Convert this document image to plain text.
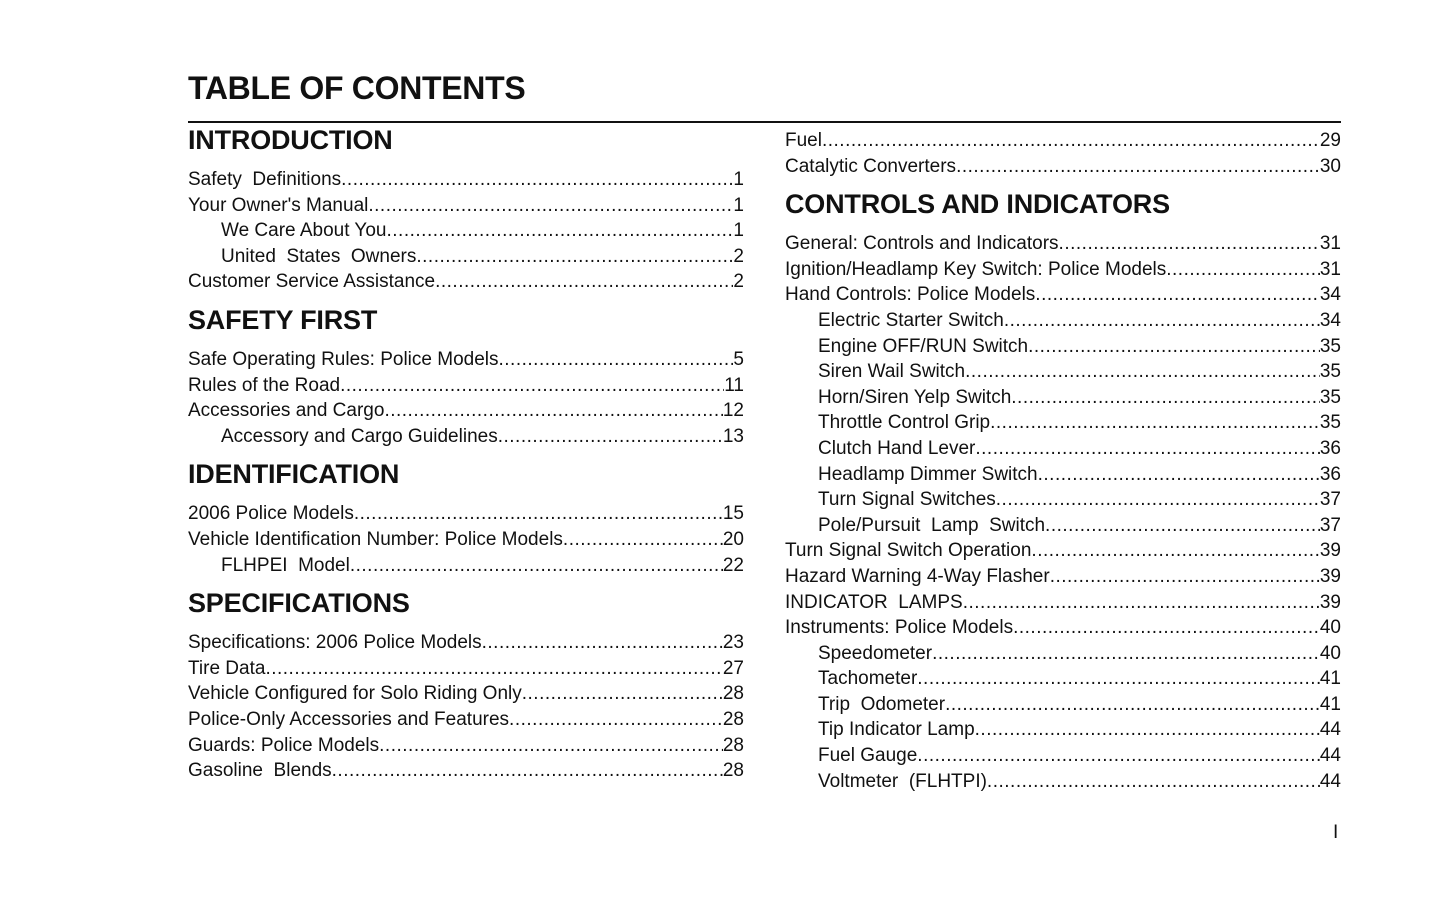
TABLE OF CONTENTS
INTRODUCTION
Safety  Definitions .....	1
Your Owner's Manual .....	1
We Care About You .....	1
United  States  Owners .....	2
Customer Service Assistance .....	2
SAFETY FIRST
Safe Operating Rules: Police Models .....	5
Rules of the Road .....	11
Accessories and Cargo .....	12
Accessory and Cargo Guidelines .....	13
IDENTIFICATION
2006 Police Models .....	15
Vehicle Identification Number: Police Models .....	20
FLHPEI  Model .....	22
SPECIFICATIONS
Specifications: 2006 Police Models .....	23
Tire Data .....	27
Vehicle Configured for Solo Riding Only .....	28
Police-Only Accessories and Features .....	28
Guards: Police Models .....	28
Gasoline  Blends .....	28
Fuel .....	29
Catalytic Converters .....	30
CONTROLS AND INDICATORS
General: Controls and Indicators .....	31
Ignition/Headlamp Key Switch: Police Models .....	31
Hand Controls: Police Models .....	34
Electric Starter Switch .....	34
Engine OFF/RUN Switch .....	35
Siren Wail Switch .....	35
Horn/Siren Yelp Switch .....	35
Throttle Control Grip .....	35
Clutch Hand Lever .....	36
Headlamp Dimmer Switch .....	36
Turn Signal Switches .....	37
Pole/Pursuit  Lamp  Switch .....	37
Turn Signal Switch Operation .....	39
Hazard Warning 4-Way Flasher .....	39
INDICATOR  LAMPS .....	39
Instruments: Police Models .....	40
Speedometer .....	40
Tachometer .....	41
Trip  Odometer .....	41
Tip Indicator Lamp .....	44
Fuel Gauge .....	44
Voltmeter  (FLHTPI) .....	44
I
